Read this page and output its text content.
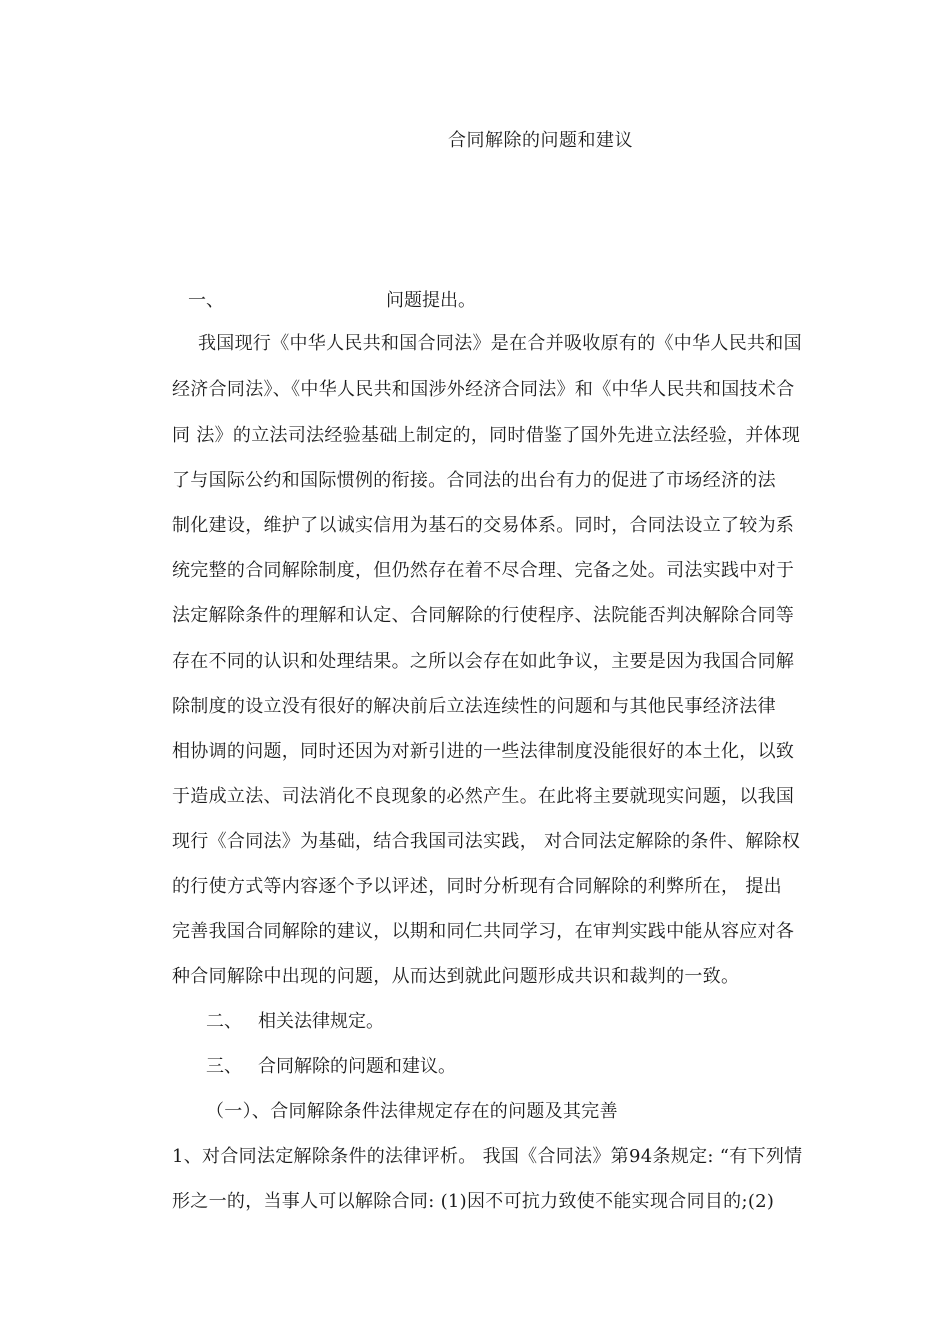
合同解除的问题和建议
一、	问题提出。
我国现行《中华人民共和国合同法》是在合并吸收原有的《中华人民共和国
经济合同法》、《中华人民共和国涉外经济合同法》和《中华人民共和国技术合
同 法》的立法司法经验基础上制定的，同时借鉴了国外先进立法经验，并体现
了与国际公约和国际惯例的衔接。合同法的出台有力的促进了市场经济的法
制化建设，维护了以诚实信用为基石的交易体系。同时，合同法设立了较为系
统完整的合同解除制度，但仍然存在着不尽合理、完备之处。司法实践中对于
法定解除条件的理解和认定、合同解除的行使程序、法院能否判决解除合同等
存在不同的认识和处理结果。之所以会存在如此争议，主要是因为我国合同解
除制度的设立没有很好的解决前后立法连续性的问题和与其他民事经济法律
相协调的问题，同时还因为对新引进的一些法律制度没能很好的本土化，以致
于造成立法、司法消化不良现象的必然产生。在此将主要就现实问题，以我国
现行《合同法》为基础，结合我国司法实践， 对合同法定解除的条件、解除权
的行使方式等内容逐个予以评述，同时分析现有合同解除的利弊所在， 提出
完善我国合同解除的建议，以期和同仁共同学习，在审判实践中能从容应对各
种合同解除中出现的问题，从而达到就此问题形成共识和裁判的一致。
二、 相关法律规定。
三、 合同解除的问题和建议。
（一）、合同解除条件法律规定存在的问题及其完善
1、对合同法定解除条件的法律评析。 我国《合同法》第94条规定: “有下列情
形之一的，当事人可以解除合同: (1)因不可抗力致使不能实现合同目的;(2)
